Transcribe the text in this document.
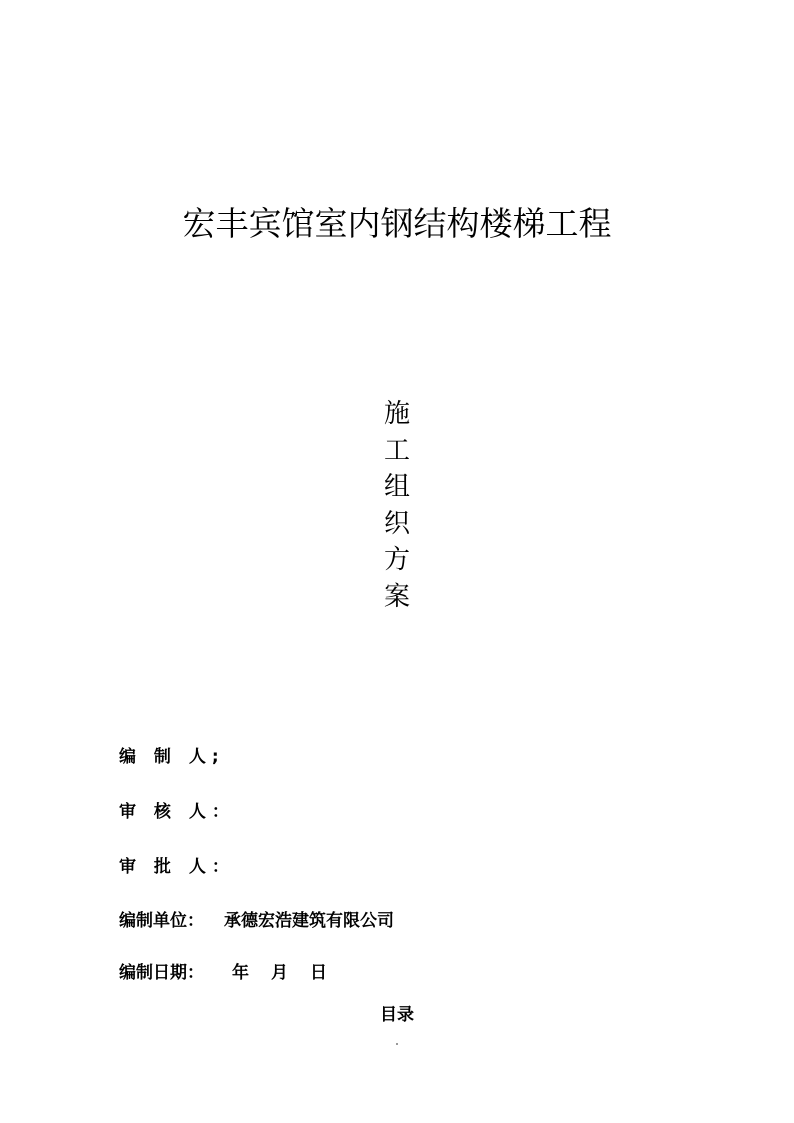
宏丰宾馆室内钢结构楼梯工程
施
工
组
织
方
案
编 制 人;
审 核 人：
审 批 人：
编制单位： 承德宏浩建筑有限公司
编制日期： 年 月 日
目录
